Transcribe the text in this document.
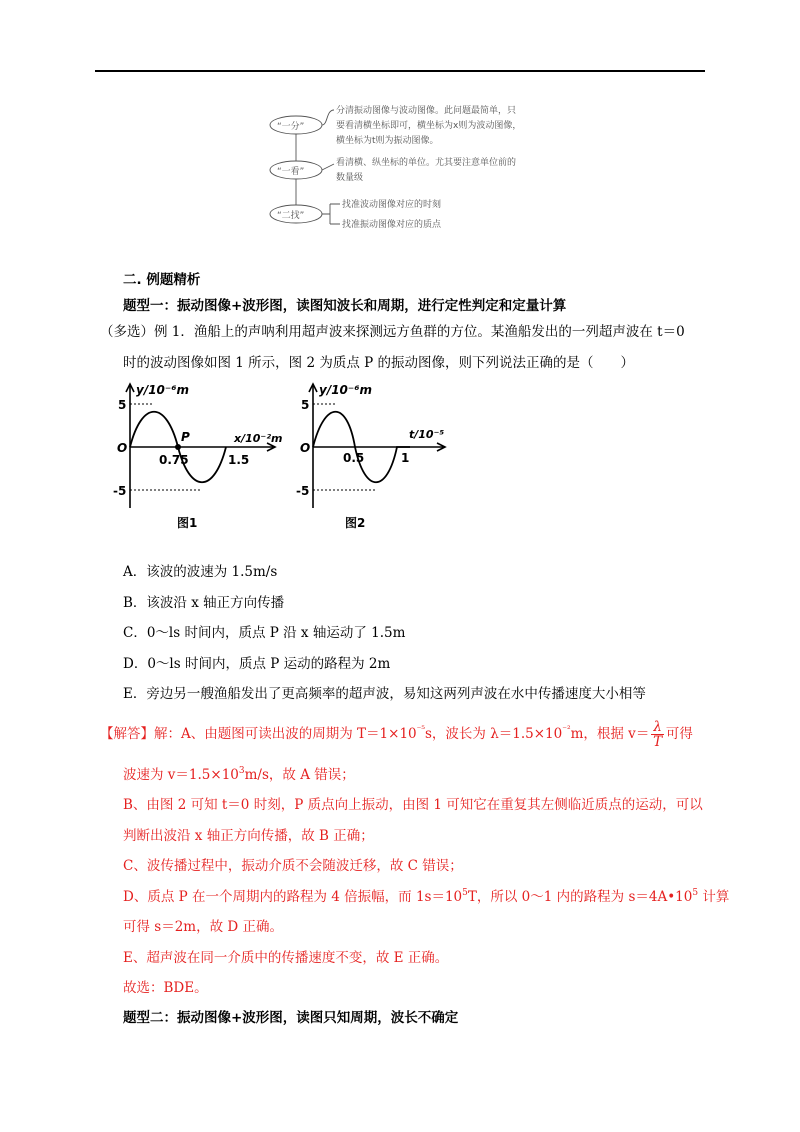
“一分”
“一看”
“二找”
分清振动图像与波动图像。此问题最简单，只
要看清横坐标即可，横坐标为x则为波动图像，
横坐标为t则为振动图像。
看清横、纵坐标的单位。尤其要注意单位前的
数量级
找准波动图像对应的时刻
找准振动图像对应的质点
二. 例题精析
题型一：振动图像+波形图，读图知波长和周期，进行定性判定和定量计算
（多选）例 1．渔船上的声呐利用超声波来探测远方鱼群的方位。某渔船发出的一列超声波在 t＝0
时的波动图像如图 1 所示，图 2 为质点 P 的振动图像，则下列说法正确的是（　　）
y/10⁻⁶m
x/10⁻²m
O
5
-5
0.75	1.5
P
图1
y/10⁻⁶m
t/10⁻⁵
O
5
-5
0.5	1
图2
A．该波的波速为 1.5m/s
B．该波沿 x 轴正方向传播
C．0～ls 时间内，质点 P 沿 x 轴运动了 1.5m
D．0～ls 时间内，质点 P 运动的路程为 2m
E．旁边另一艘渔船发出了更高频率的超声波，易知这两列声波在水中传播速度大小相等
【解答】解：A、由题图可读出波的周期为 $T=1\times 10^{^{-5}}s$，波长为 $\lambda=1.5\times 10^{^{-2}}m$，根据 $v= \frac{\lambda}{T}$ 可得
波速为 $v=1.5\times 10^3m/s$，故 A 错误；
B、由图 2 可知 t＝0 时刻，P 质点向上振动，由图 1 可知它在重复其左侧临近质点的运动，可以
判断出波沿 x 轴正方向传播，故 B 正确；
C、波传播过程中，振动介质不会随波迁移，故 C 错误；
D、质点 P 在一个周期内的路程为 4 倍振幅，而 $1s=10^5T$，所以 0～1 内的路程为 $s=4A•10^5$ 计算
可得 s＝2m，故 D 正确。
E、超声波在同一介质中的传播速度不变，故 E 正确。
故选：BDE。
题型二：振动图像+波形图，读图只知周期，波长不确定
